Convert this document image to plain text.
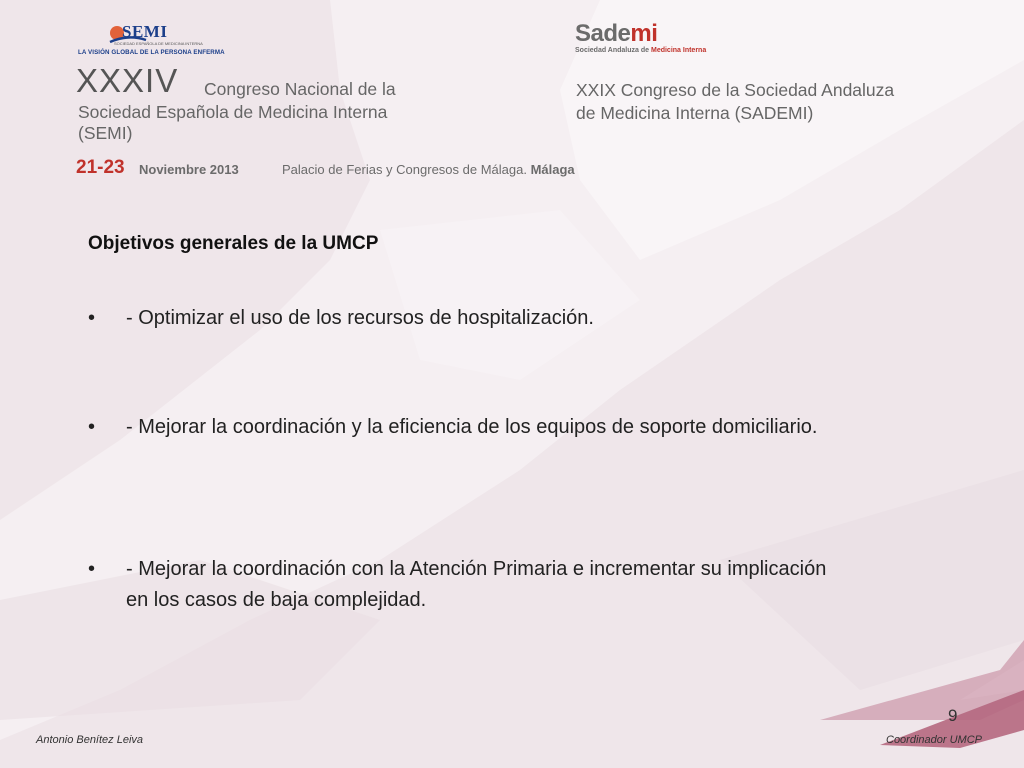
SEMI
SOCIEDAD ESPAÑOLA DE MEDICINA INTERNA
LA VISIÓN GLOBAL DE LA PERSONA ENFERMA
Sademi
Sociedad Andaluza de Medicina Interna
XXXIV Congreso Nacional de la
Sociedad Española de Medicina Interna
(SEMI)
XXIX Congreso de la Sociedad Andaluza
de Medicina Interna (SADEMI)
21-23 Noviembre 2013	Palacio de Ferias y Congresos de Málaga. Málaga
Objetivos generales de la UMCP
• - Optimizar el uso de los recursos de hospitalización.
• - Mejorar la coordinación y la eficiencia de los equipos de soporte domiciliario.
• - Mejorar la coordinación con la Atención Primaria e incrementar su implicación en los casos de baja complejidad.
9
Antonio Benítez Leiva	Coordinador UMCP
